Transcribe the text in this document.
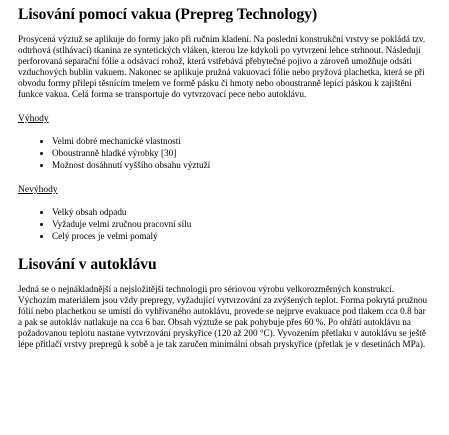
Lisování pomocí vakua (Prepreg Technology)

Prosycená výztuž se aplikuje do formy jako při ručním kladení. Na poslední konstrukční vrstvy se pokládá tzv. odtrhová (stlhávací) tkanina ze syntetických vláken, kterou lze kdykoli po vytvrzení lehce strhnout. Následují perforovaná separační fólie a odsávací rohož, která vstřebává přebytečné pojivo a zároveň umožňuje odsáti vzduchových bublin vakuem. Nakonec se aplikuje pružná vakuovací fólie nebo pryžová plachetka, která se při obvodu formy přilepí těsnícím tmelem ve formě pásku či hmoty nebo oboustranně lepící páskou k zajištění funkce vakua. Celá forma se transportuje do vytvrzovací pece nebo autoklávu.

Výhody
• Velmi dobré mechanické vlastnosti
• Oboustranně hladké výrobky [30]
• Možnost dosáhnutí vyššího obsahu výztuží
Nevýhody
• Velký obsah odpadu
• Vyžaduje velmi zručnou pracovní sílu
• Celý proces je velmi pomalý
Lisování v autoklávu

Jedná se o nejnákladnější a nejsložitější technologii pro sériovou výrobu velkorozměrných konstrukcí. Výchozím materiálem jsou vždy prepregy, vyžadující vytvrzování za zvýšených teplot. Forma pokrytá pružnou fólií nebo plachetkou se umístí do vyhřívaného autoklávu, provede se nejprve evakuace pod tlakem cca 0.8 bar a pak se autokláv natlakuje na cca 6 bar. Obsah výztuže se pak pohybuje přes 60 %. Po ohřátí autoklávu na požadovanou teplotu nastane vytvrzování pryskyřice (120 až 200 °C). Vyvozením přetlaku v autoklávu se ještě lépe přitlačí vrstvy prepregů k sobě a je tak zaručen minimální obsah pryskyřice (přetlak je v desetinách MPa).
